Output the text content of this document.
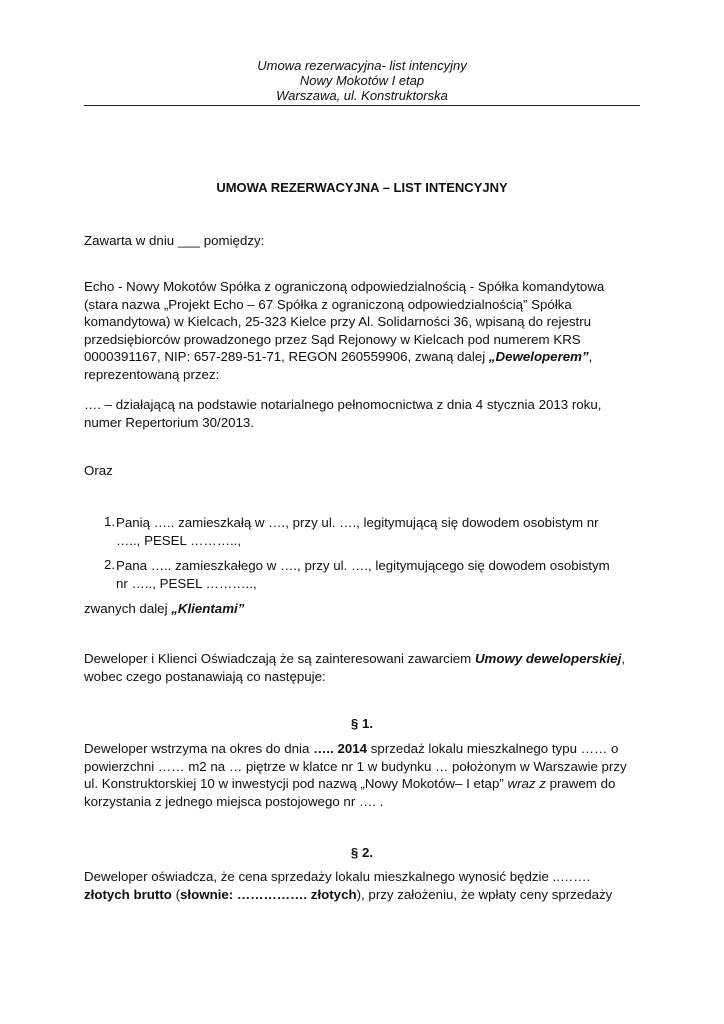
Umowa rezerwacyjna- list intencyjny
Nowy Mokotów I etap
Warszawa, ul. Konstruktorska
UMOWA REZERWACYJNA – LIST INTENCYJNY
Zawarta w dniu ___ pomiędzy:
Echo - Nowy Mokotów Spółka z ograniczoną odpowiedzialnością - Spółka komandytowa
(stara nazwa „Projekt Echo – 67 Spółka z ograniczoną odpowiedzialnością” Spółka
komandytowa) w Kielcach, 25-323 Kielce przy Al. Solidarności 36, wpisaną do rejestru
przedsiębiorców prowadzonego przez Sąd Rejonowy w Kielcach pod numerem KRS
0000391167, NIP: 657-289-51-71, REGON 260559906, zwaną dalej „Deweloperem”,
reprezentowaną przez:
…. – działającą na podstawie notarialnego pełnomocnictwa z dnia 4 stycznia 2013 roku,
numer Repertorium 30/2013.
Oraz
1. Panią ….. zamieszkałą w …., przy ul. …., legitymującą się dowodem osobistym nr
….., PESEL ………..,
2. Pana ….. zamieszkałego w …., przy ul. …., legitymującego się dowodem osobistym
nr ….., PESEL ………..,
zwanych dalej „Klientami”
Deweloper i Klienci Oświadczają że są zainteresowani zawarciem Umowy deweloperskiej,
wobec czego postanawiają co następuje:
§ 1.
Deweloper wstrzyma na okres do dnia ….. 2014 sprzedaż lokalu mieszkalnego typu …… o
powierzchni …… m2 na … piętrze w klatce nr 1 w budynku … położonym w Warszawie przy
ul. Konstruktorskiej 10 w inwestycji pod nazwą „Nowy Mokotów– I etap” wraz z prawem do
korzystania z jednego miejsca postojowego nr …. .
§ 2.
Deweloper oświadcza, że cena sprzedaży lokalu mieszkalnego wynosić będzie ..…….
złotych brutto (słownie: ……………. złotych), przy założeniu, że wpłaty ceny sprzedaży
